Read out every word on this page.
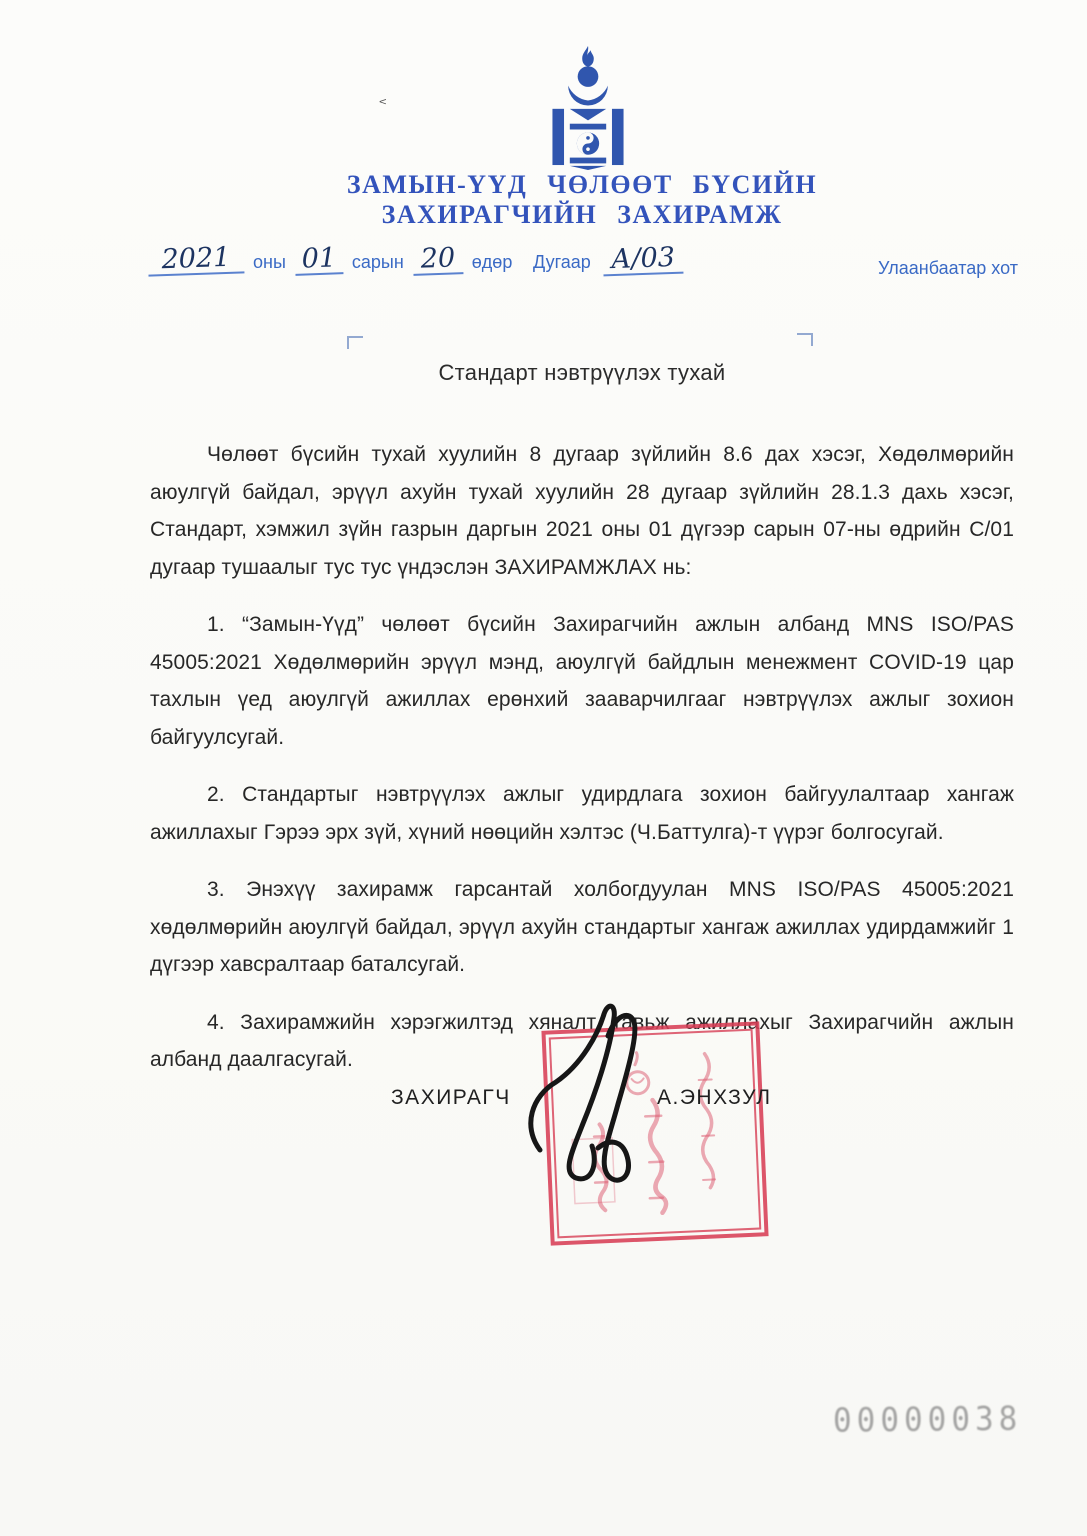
ЗАМЫН-ҮҮД ЧӨЛӨӨТ БҮСИЙН
ЗАХИРАГЧИЙН ЗАХИРАМЖ
2021	оны 01 сарын 20 өдөр Дугаар А/03	Улаанбаатар хот
<
Стандарт нэвтрүүлэх тухай

Чөлөөт бүсийн тухай хуулийн 8 дугаар зүйлийн 8.6 дах хэсэг, Хөдөлмөрийн аюулгүй байдал, эрүүл ахуйн тухай хуулийн 28 дугаар зүйлийн 28.1.3 дахь хэсэг, Стандарт, хэмжил зүйн газрын даргын 2021 оны 01 дүгээр сарын 07-ны өдрийн С/01 дугаар тушаалыг тус тус үндэслэн ЗАХИРАМЖЛАХ нь:

1. “Замын-Үүд” чөлөөт бүсийн Захирагчийн ажлын албанд MNS ISO/PAS 45005:2021 Хөдөлмөрийн эрүүл мэнд, аюулгүй байдлын менежмент COVID-19 цар тахлын үед аюулгүй ажиллах ерөнхий зааварчилгааг нэвтрүүлэх ажлыг зохион байгуулсугай.

2. Стандартыг нэвтрүүлэх ажлыг удирдлага зохион байгуулалтаар хангаж ажиллахыг Гэрээ эрх зүй, хүний нөөцийн хэлтэс (Ч.Баттулга)-т үүрэг болгосугай.

3. Энэхүү захирамж гарсантай холбогдуулан MNS ISO/PAS 45005:2021 хөдөлмөрийн аюулгүй байдал, эрүүл ахуйн стандартыг хангаж ажиллах удирдамжийг 1 дүгээр хавсралтаар баталсугай.

4. Захирамжийн хэрэгжилтэд хяналт тавьж ажиллахыг Захирагчийн ажлын албанд даалгасугай.

ЗАХИРАГЧ	А.ЭНХЗУЛ
00000038
